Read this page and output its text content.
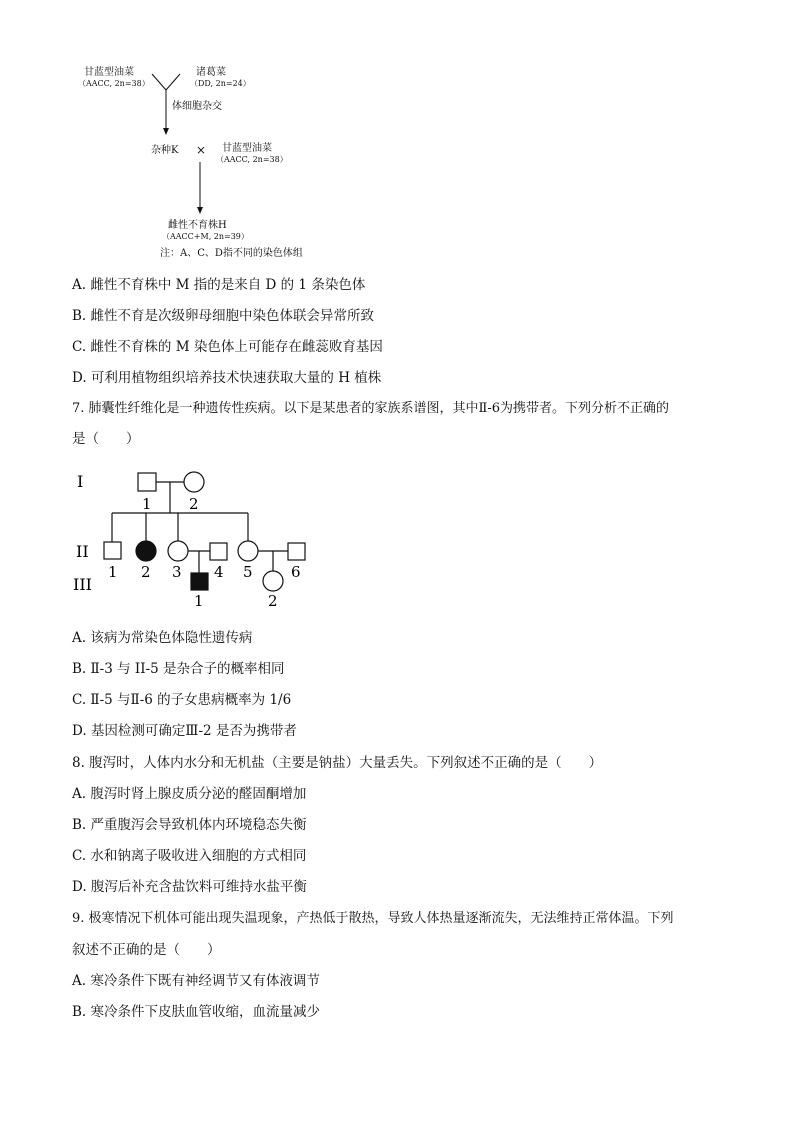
甘蓝型油菜
（AACC, 2n=38）
诸葛菜
（DD, 2n=24）
体细胞杂交
杂种K × 甘蓝型油菜
（AACC, 2n=38）
雌性不育株H
（AACC+M, 2n=39）
注：A、C、D指不同的染色体组
A. 雌性不育株中 M 指的是来自 D 的 1 条染色体
B. 雌性不育是次级卵母细胞中染色体联会异常所致
C. 雌性不育株的 M 染色体上可能存在雌蕊败育基因
D. 可利用植物组织培养技术快速获取大量的 H 植株
7. 肺囊性纤维化是一种遗传性疾病。以下是某患者的家族系谱图，其中Ⅱ-6为携带者。下列分析不正确的
是（　　）
I
II
III
1 2
1 2 3 4 5	6
1	2
A. 该病为常染色体隐性遗传病
B. Ⅱ-3 与 II-5 是杂合子的概率相同
C. Ⅱ-5 与Ⅱ-6 的子女患病概率为 1/6
D. 基因检测可确定Ⅲ-2 是否为携带者
8. 腹泻时，人体内水分和无机盐（主要是钠盐）大量丢失。下列叙述不正确的是（　　）
A. 腹泻时肾上腺皮质分泌的醛固酮增加
B. 严重腹泻会导致机体内环境稳态失衡
C. 水和钠离子吸收进入细胞的方式相同
D. 腹泻后补充含盐饮料可维持水盐平衡
9. 极寒情况下机体可能出现失温现象，产热低于散热，导致人体热量逐渐流失，无法维持正常体温。下列
叙述不正确的是（　　）
A. 寒冷条件下既有神经调节又有体液调节
B. 寒冷条件下皮肤血管收缩，血流量减少
